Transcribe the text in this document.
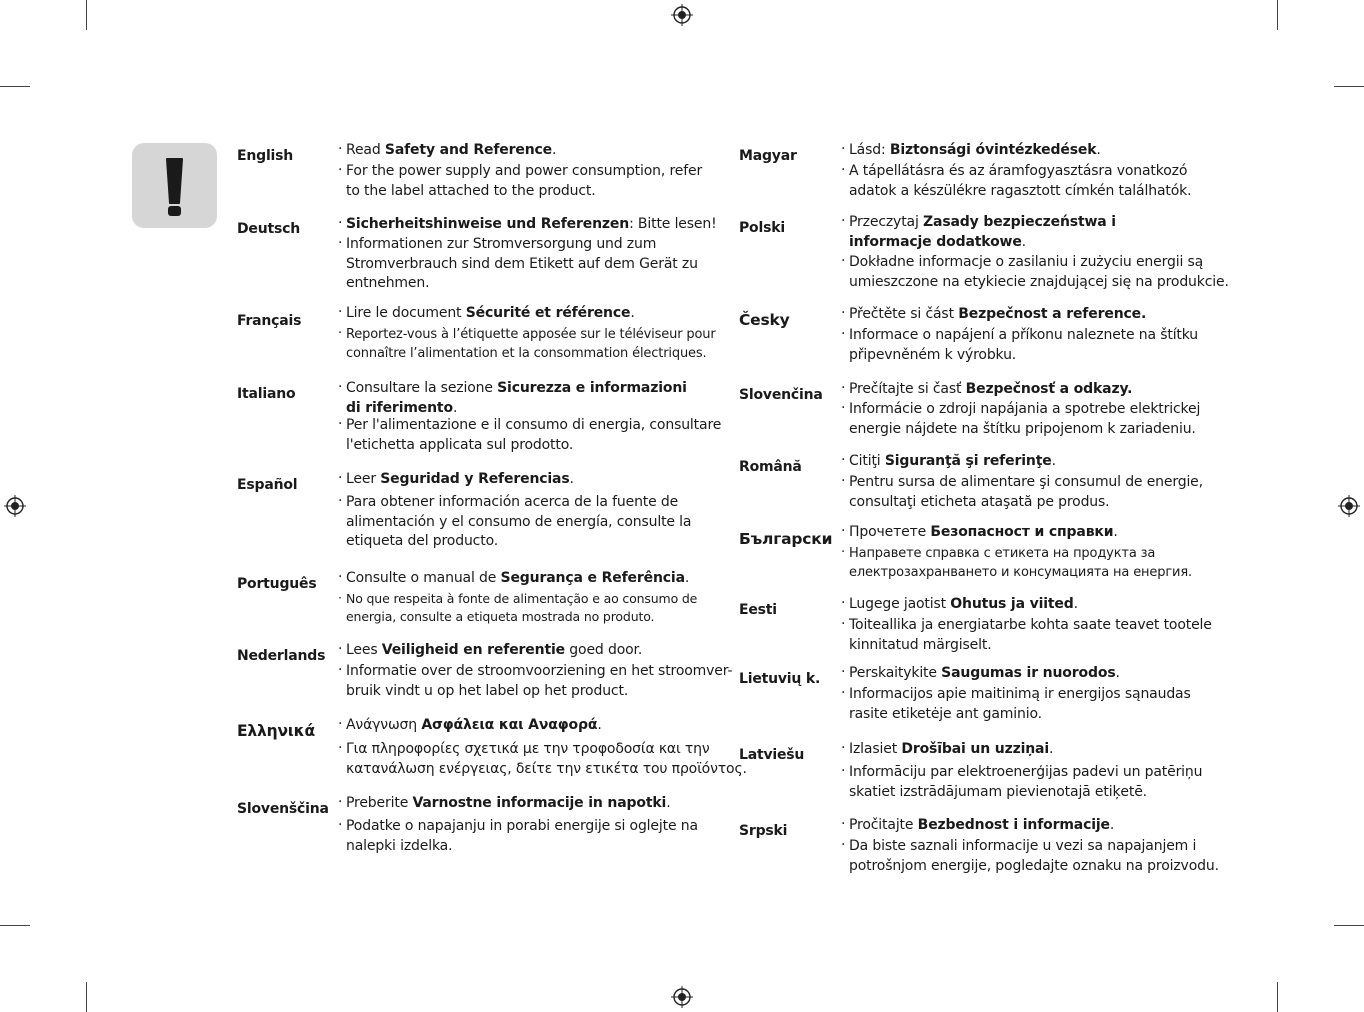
English	· Read Safety and Reference.
· For the power supply and power consumption, refer
to the label attached to the product.
Deutsch	· Sicherheitshinweise und Referenzen: Bitte lesen!
· Informationen zur Stromversorgung und zum
Stromverbrauch sind dem Etikett auf dem Gerät zu
entnehmen.
Français	· Lire le document Sécurité et référence.
· Reportez-vous à l’étiquette apposée sur le téléviseur pour
connaître l’alimentation et la consommation électriques.
Italiano	· Consultare la sezione Sicurezza e informazioni
di riferimento.
· Per l'alimentazione e il consumo di energia, consultare
l'etichetta applicata sul prodotto.
Español	· Leer Seguridad y Referencias.
· Para obtener información acerca de la fuente de
alimentación y el consumo de energía, consulte la
etiqueta del producto.
Português	· Consulte o manual de Segurança e Referência.
· No que respeita à fonte de alimentação e ao consumo de
energia, consulte a etiqueta mostrada no produto.
Nederlands	· Lees Veiligheid en referentie goed door.
· Informatie over de stroomvoorziening en het stroomver-
bruik vindt u op het label op het product.
Ελληνικά	· Ανάγνωση Ασφάλεια και Αναφορά.
· Για πληροφορίες σχετικά με την τροφοδοσία και την
κατανάλωση ενέργειας, δείτε την ετικέτα του προϊόντος.
Slovenščina	· Preberite Varnostne informacije in napotki.
· Podatke o napajanju in porabi energije si oglejte na
nalepki izdelka.
Magyar	· Lásd: Biztonsági óvintézkedések.
· A tápellátásra és az áramfogyasztásra vonatkozó
adatok a készülékre ragasztott címkén találhatók.
Polski	· Przeczytaj Zasady bezpieczeństwa i
informacje dodatkowe.
· Dokładne informacje o zasilaniu i zużyciu energii są
umieszczone na etykiecie znajdującej się na produkcie.
Česky	· Přečtěte si část Bezpečnost a reference.
· Informace o napájení a příkonu naleznete na štítku
připevněném k výrobku.
Slovenčina	· Prečítajte si časť Bezpečnosť a odkazy.
· Informácie o zdroji napájania a spotrebe elektrickej
energie nájdete na štítku pripojenom k zariadeniu.
Română	· Citiţi Siguranţă şi referinţe.
· Pentru sursa de alimentare şi consumul de energie,
consultaţi eticheta ataşată pe produs.
Български	· Прочетете Безопасност и справки.
· Направете справка с етикета на продукта за
електрозахранването и консумацията на енергия.
Eesti	· Lugege jaotist Ohutus ja viited.
· Toiteallika ja energiatarbe kohta saate teavet tootele
kinnitatud märgiselt.
Lietuvių k.	· Perskaitykite Saugumas ir nuorodos.
· Informacijos apie maitinimą ir energijos sąnaudas
rasite etiketėje ant gaminio.
Latviešu	· Izlasiet Drošībai un uzziņai.
· Informāciju par elektroenerģijas padevi un patēriņu
skatiet izstrādājumam pievienotajā etiķetē.
Srpski	· Pročitajte Bezbednost i informacije.
· Da biste saznali informacije u vezi sa napajanjem i
potrošnjom energije, pogledajte oznaku na proizvodu.
